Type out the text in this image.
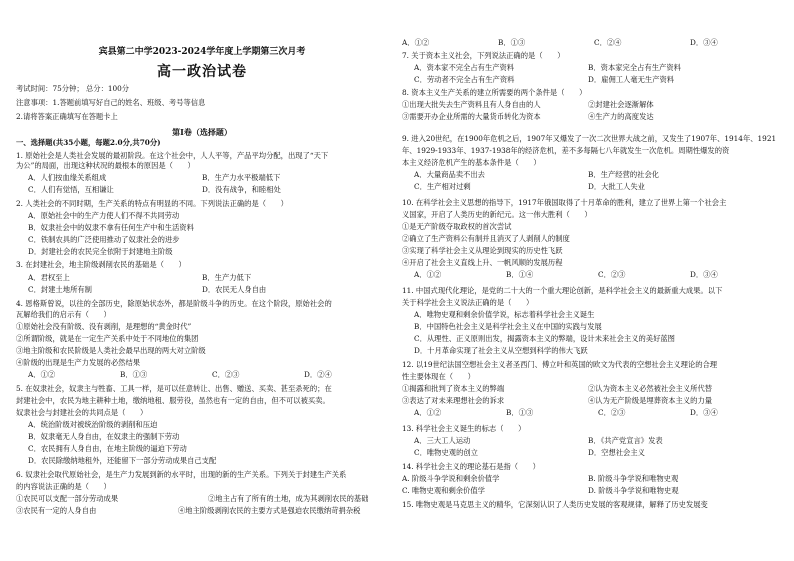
宾县第二中学2023-2024学年度上学期第三次月考
高一政治试卷
考试时间：75分钟； 总分：100分
注意事项：1.答题前填写好自己的姓名、班级、考号等信息
2.请将答案正确填写在答题卡上
第Ⅰ卷（选择题）
一、选择题(共35小题，每题2.0分,共70分)
1. 原始社会是人类社会发展的最初阶段。在这个社会中，人人平等，产品平均分配，出现了“天下
为公”的局面，出现这种状况的最根本的原因是（　　）
A．人们按血缘关系组成	B．生产力水平极端低下
C．人们有觉悟，互相谦让	D．没有战争，和睦相处
2. 人类社会的不同时期，生产关系的特点有明显的不同。下列说法正确的是（　　）
A．原始社会中的生产力使人们不得不共同劳动
B．奴隶社会中的奴隶不拿有任何生产中和生活资料
C．铁制农具的广泛使用推动了奴隶社会的进步
D．封建社会的农民完全依附于封建地主阶级
3. 在封建社会，地主阶级剥削农民的基础是（　　）
A．君权至上	B．生产力低下
C．封建土地所有制	D．农民无人身自由
4. 恩格斯曾说，以往的全部历史，除原始状态外，都是阶级斗争的历史。在这个阶段，原始社会的
瓦解给我们的启示有（　　）
①原始社会没有阶级、没有剥削，是理想的“黄金时代”
②所谓阶级，就是在一定生产关系中处于不同地位的集团
③地主阶级和农民阶级是人类社会最早出现的两大对立阶级
④阶级的出现是生产力发展的必然结果
A．①②	B．①③	C．②③	D．②④
5. 在奴隶社会，奴隶主与牲畜、工具一样，是可以任意转让、出售、赠送、买卖、甚至杀死的；在
封建社会中，农民为地主耕种土地，缴纳地租、服劳役，虽然也有一定的自由，但不可以被买卖。
奴隶社会与封建社会的共同点是（　　）
A．统治阶级对被统治阶级的剥削和压迫
B．奴隶毫无人身自由，在奴隶主的强制下劳动
C．农民拥有人身自由，在地主阶级的逼迫下劳动
D．农民除缴纳地租外，还能留下一部分劳动成果自己支配
6. 奴隶社会取代原始社会，是生产力发展到新的水平时，出现的新的生产关系。下列关于封建生产关系
的内容说法正确的是（　　）
①农民可以支配一部分劳动成果	②地主占有了所有的土地，成为其剥削农民的基础
③农民有一定的人身自由	④地主阶级剥削农民的主要方式是强迫农民缴纳苛捐杂税
A．①②	B．①③	C．②④	D．③④
7. 关于资本主义社会，下列说法正确的是（　　）
A．资本家不完全占有生产资料	B．资本家完全占有生产资料
C．劳动者不完全占有生产资料	D．雇佣工人毫无生产资料
8. 资本主义生产关系的建立所需要的两个条件是（　　）
①出现大批失去生产资料且有人身自由的人	②封建社会逐渐解体
③需要开办企业所需的大量货币转化为资本	④生产力的高度发达
9. 进入20世纪，在1900年危机之后，1907年又爆发了一次二次世界大战之前，又发生了1907年、1914年、1921
年、1929-1933年、1937-1938年的经济危机，差不多每隔七八年就发生一次危机。周期性爆发的资
本主义经济危机产生的基本条件是（　　）
A．大量商品卖不出去	B．生产经营的社会化
C．生产相对过剩	D．大批工人失业
10. 在科学社会主义思想的指导下，1917年俄国取得了十月革命的胜利，建立了世界上第一个社会主
义国家，开启了人类历史的新纪元。这一伟大胜利（　　）
①是无产阶级夺取政权的首次尝试
②确立了生产资料公有制并且消灭了人剥削人的制度
③实现了科学社会主义从理论到现实的历史性飞跃
④开启了社会主义直线上升、一帆风顺的发展历程
A．①②	B．①④	C．②③	D．③④
11. 中国式现代化理论，是党的二十大的一个重大理论创新，是科学社会主义的最新重大成果。以下
关于科学社会主义说法正确的是（　　）
A．唯物史观和剩余价值学说，标志着科学社会主义诞生
B．中国特色社会主义是科学社会主义在中国的实践与发展
C．从理性、正义原则出发，揭露资本主义的弊端，设计未来社会主义的美好蓝图
D．十月革命实现了社会主义从空想到科学的伟大飞跃
12. 以19世纪法国空想社会主义者圣西门、傅立叶和英国的欧文为代表的空想社会主义理论的合理
性主要体现在（　　）
①揭露和批判了资本主义的弊端	②认为资本主义必然被社会主义所代替
③表达了对未来理想社会的诉求	④认为无产阶级是埋葬资本主义的力量
A．①②	B．①③	C．②③	D．③④
13. 科学社会主义诞生的标志（　　）
A．三大工人运动	B．《共产党宣言》发表
C．唯物史观的创立	D．空想社会主义
14. 科学社会主义的理论基石是指（　　）
A. 阶级斗争学说和剩余价值学	B. 阶级斗争学说和唯物史观
C. 唯物史观和剩余价值学	D. 阶级斗争学说和唯物史观
15. 唯物史观是马克思主义的精华，它深刻认识了人类历史发展的客观规律，解释了历史发展变
